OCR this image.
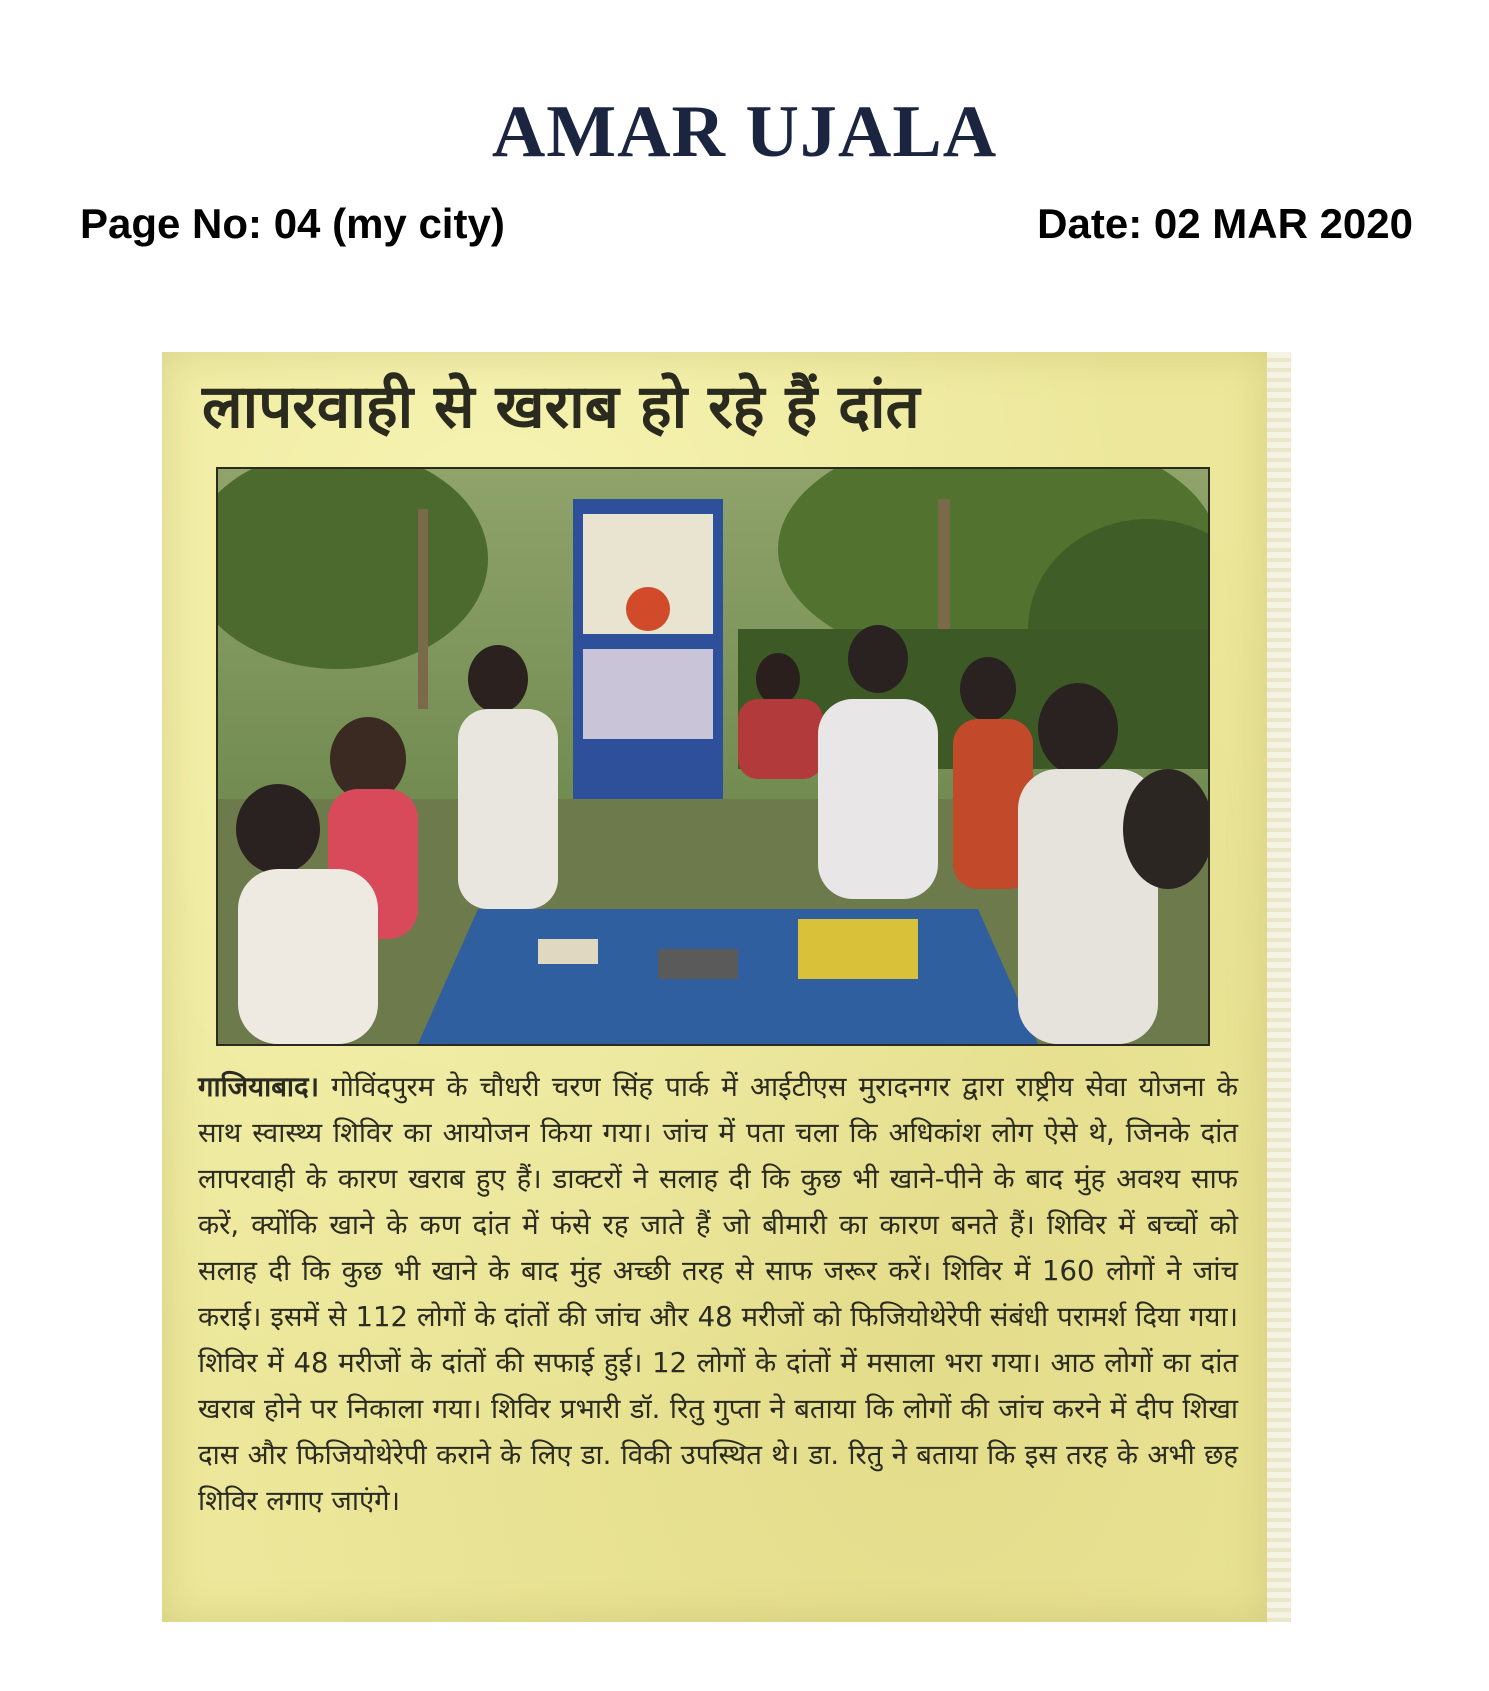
AMAR UJALA
Page No: 04 (my city)	Date: 02 MAR 2020
लापरवाही से खराब हो रहे हैं दांत
गाजियाबाद। गोविंदपुरम के चौधरी चरण सिंह पार्क में आईटीएस मुरादनगर द्वारा राष्ट्रीय सेवा योजना के साथ स्वास्थ्य शिविर का आयोजन किया गया। जांच में पता चला कि अधिकांश लोग ऐसे थे, जिनके दांत लापरवाही के कारण खराब हुए हैं। डाक्टरों ने सलाह दी कि कुछ भी खाने-पीने के बाद मुंह अवश्य साफ करें, क्योंकि खाने के कण दांत में फंसे रह जाते हैं जो बीमारी का कारण बनते हैं। शिविर में बच्चों को सलाह दी कि कुछ भी खाने के बाद मुंह अच्छी तरह से साफ जरूर करें। शिविर में 160 लोगों ने जांच कराई। इसमें से 112 लोगों के दांतों की जांच और 48 मरीजों को फिजियोथेरेपी संबंधी परामर्श दिया गया। शिविर में 48 मरीजों के दांतों की सफाई हुई। 12 लोगों के दांतों में मसाला भरा गया। आठ लोगों का दांत खराब होने पर निकाला गया। शिविर प्रभारी डॉ. रितु गुप्ता ने बताया कि लोगों की जांच करने में दीप शिखा दास और फिजियोथेरेपी कराने के लिए डा. विकी उपस्थित थे। डा. रितु ने बताया कि इस तरह के अभी छह शिविर लगाए जाएंगे।
